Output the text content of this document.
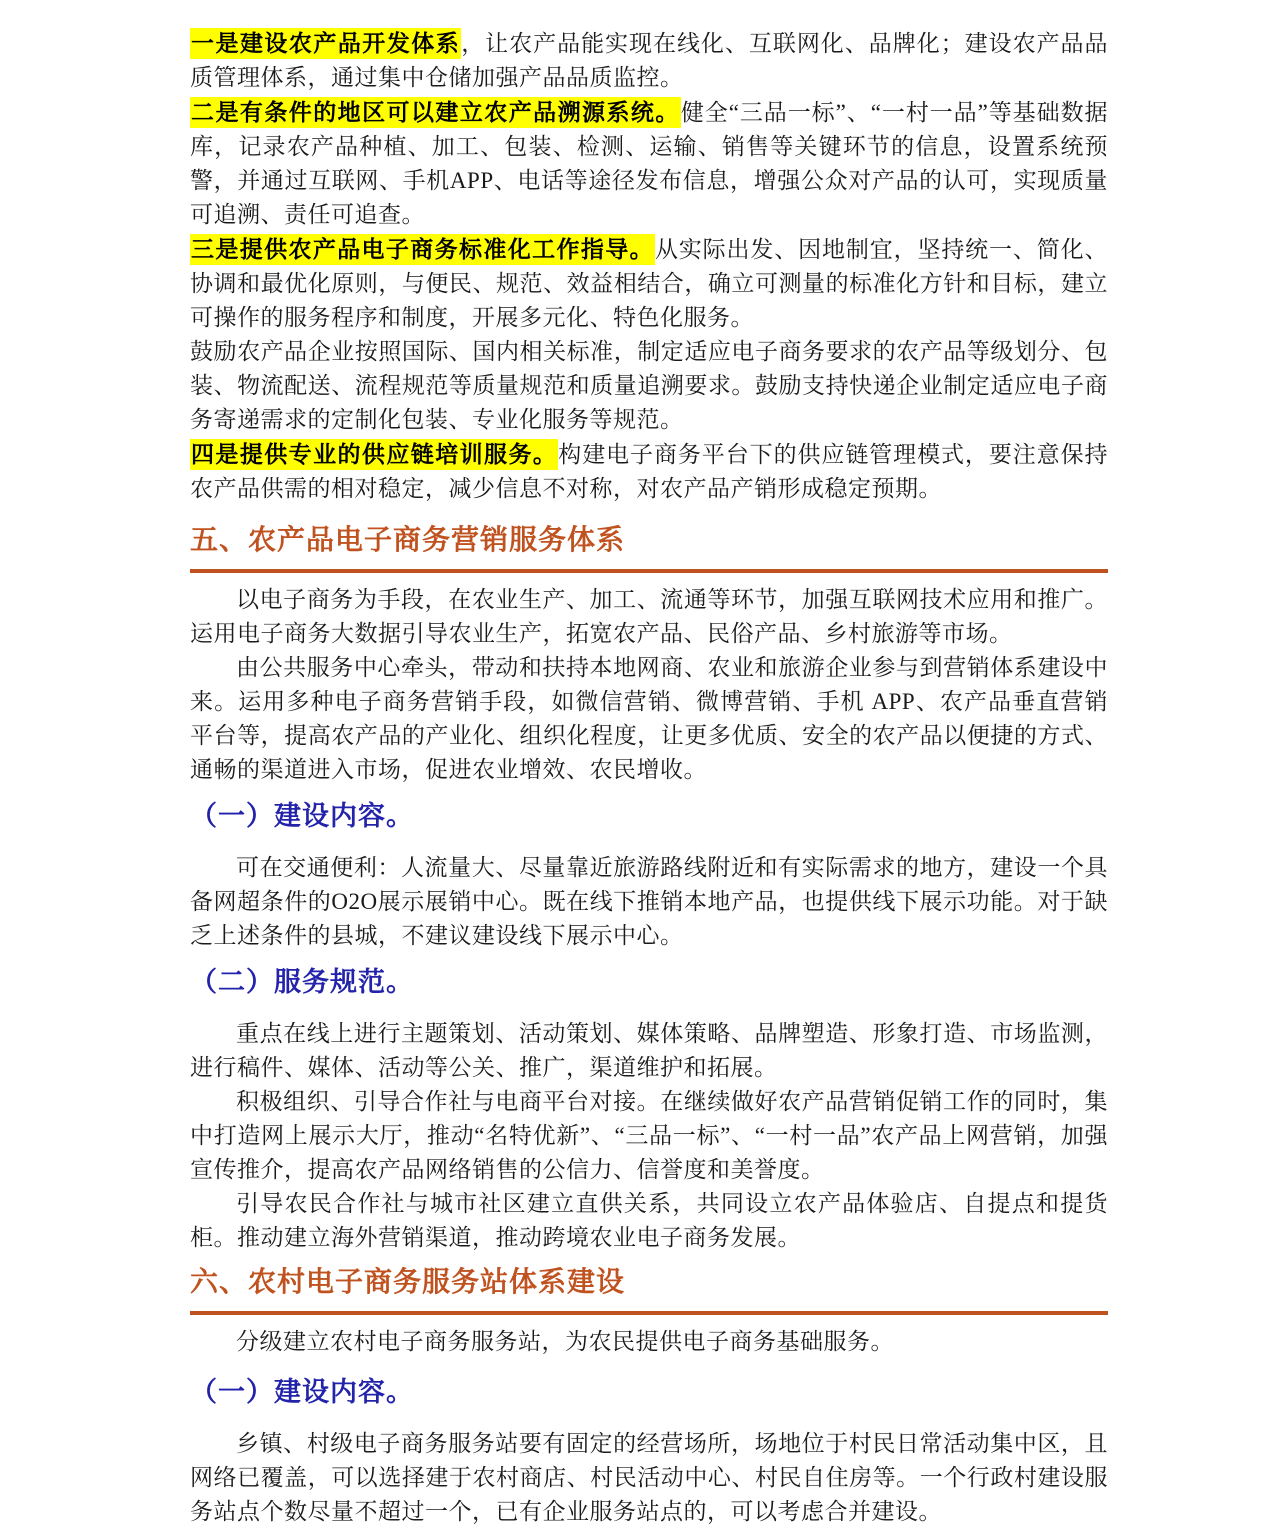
一是建设农产品开发体系，让农产品能实现在线化、互联网化、品牌化；建设农产品品质管理体系，通过集中仓储加强产品品质监控。

二是有条件的地区可以建立农产品溯源系统。健全“三品一标”、“一村一品”等基础数据库，记录农产品种植、加工、包装、检测、运输、销售等关键环节的信息，设置系统预警，并通过互联网、手机APP、电话等途径发布信息，增强公众对产品的认可，实现质量可追溯、责任可追查。

三是提供农产品电子商务标准化工作指导。从实际出发、因地制宜，坚持统一、简化、协调和最优化原则，与便民、规范、效益相结合，确立可测量的标准化方针和目标，建立可操作的服务程序和制度，开展多元化、特色化服务。

鼓励农产品企业按照国际、国内相关标准，制定适应电子商务要求的农产品等级划分、包装、物流配送、流程规范等质量规范和质量追溯要求。鼓励支持快递企业制定适应电子商务寄递需求的定制化包装、专业化服务等规范。

四是提供专业的供应链培训服务。构建电子商务平台下的供应链管理模式，要注意保持农产品供需的相对稳定，减少信息不对称，对农产品产销形成稳定预期。

五、农产品电子商务营销服务体系

以电子商务为手段，在农业生产、加工、流通等环节，加强互联网技术应用和推广。运用电子商务大数据引导农业生产，拓宽农产品、民俗产品、乡村旅游等市场。

由公共服务中心牵头，带动和扶持本地网商、农业和旅游企业参与到营销体系建设中来。运用多种电子商务营销手段，如微信营销、微博营销、手机 APP、农产品垂直营销平台等，提高农产品的产业化、组织化程度，让更多优质、安全的农产品以便捷的方式、通畅的渠道进入市场，促进农业增效、农民增收。

（一）建设内容。

可在交通便利：人流量大、尽量靠近旅游路线附近和有实际需求的地方，建设一个具备网超条件的O2O展示展销中心。既在线下推销本地产品，也提供线下展示功能。对于缺乏上述条件的县城，不建议建设线下展示中心。

（二）服务规范。

重点在线上进行主题策划、活动策划、媒体策略、品牌塑造、形象打造、市场监测，进行稿件、媒体、活动等公关、推广，渠道维护和拓展。

积极组织、引导合作社与电商平台对接。在继续做好农产品营销促销工作的同时，集中打造网上展示大厅，推动“名特优新”、“三品一标”、“一村一品”农产品上网营销，加强宣传推介，提高农产品网络销售的公信力、信誉度和美誉度。

引导农民合作社与城市社区建立直供关系，共同设立农产品体验店、自提点和提货柜。推动建立海外营销渠道，推动跨境农业电子商务发展。

六、农村电子商务服务站体系建设

分级建立农村电子商务服务站，为农民提供电子商务基础服务。

（一）建设内容。

乡镇、村级电子商务服务站要有固定的经营场所，场地位于村民日常活动集中区，且网络已覆盖，可以选择建于农村商店、村民活动中心、村民自住房等。一个行政村建设服务站点个数尽量不超过一个，已有企业服务站点的，可以考虑合并建设。
